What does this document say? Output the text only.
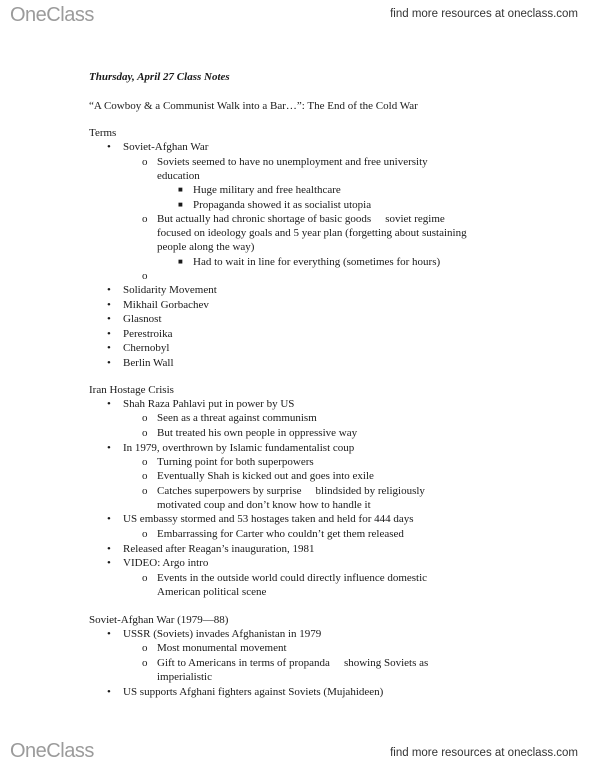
OneClass	find more resources at oneclass.com
Thursday, April 27 Class Notes
“A Cowboy & a Communist Walk into a Bar…”: The End of the Cold War
Terms
• Soviet-Afghan War
o Soviets seemed to have no unemployment and free university
education
■ Huge military and free healthcare
■ Propaganda showed it as socialist utopia
o But actually had chronic shortage of basic goods   soviet regime
focused on ideology goals and 5 year plan (forgetting about sustaining
people along the way)
■ Had to wait in line for everything (sometimes for hours)
• Solidarity Movement
• Mikhail Gorbachev
• Glasnost
• Perestroika
• Chernobyl
• Berlin Wall
Iran Hostage Crisis
• Shah Raza Pahlavi put in power by US
o Seen as a threat against communism
o But treated his own people in oppressive way
• In 1979, overthrown by Islamic fundamentalist coup
o Turning point for both superpowers
o Eventually Shah is kicked out and goes into exile
o Catches superpowers by surprise   blindsided by religiously
motivated coup and don’t know how to handle it
• US embassy stormed and 53 hostages taken and held for 444 days
o Embarrassing for Carter who couldn’t get them released
• Released after Reagan’s inauguration, 1981
• VIDEO: Argo intro
o Events in the outside world could directly influence domestic
American political scene
Soviet-Afghan War (1979—88)
• USSR (Soviets) invades Afghanistan in 1979
o Most monumental movement
o Gift to Americans in terms of propanda   showing Soviets as
imperialistic
• US supports Afghani fighters against Soviets (Mujahideen)
OneClass	find more resources at oneclass.com
